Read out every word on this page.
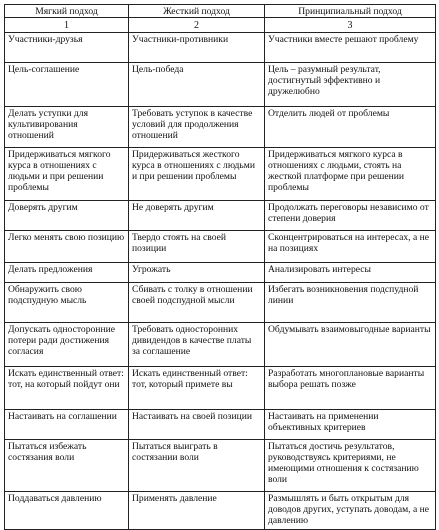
Мягкий подход	Жесткий подход	Принципиальный подход
1	2	3
Участники-друзья	Участники-противники	Участники вместе решают проблему
Цель-соглашение	Цель-победа	Цель – разумный результат, достигнутый эффективно и дружелюбно
Делать уступки для культивирования отношений	Требовать уступок в качестве условий для продолжения отношений	Отделить людей от проблемы
Придерживаться мягкого курса в отношениях с людьми и при решении проблемы	Придерживаться жесткого курса в отношениях с людьми и при решении проблемы	Придерживаться мягкого курса в отношениях с людьми, стоять на жесткой платформе при решении проблемы
Доверять другим	Не доверять другим	Продолжать переговоры независимо от степени доверия
Легко менять свою позицию	Твердо стоять на своей позиции	Сконцентрироваться на интересах, а не на позициях
Делать предложения	Угрожать	Анализировать интересы
Обнаружить свою подспудную мысль	Сбивать с толку в отношении своей подспудной мысли	Избегать возникновения подспудной линии
Допускать односторонние потери ради достижения согласия	Требовать односторонних дивидендов в качестве платы за соглашение	Обдумывать взаимовыгодные варианты
Искать единственный ответ: тот, на который пойдут они	Искать единственный ответ: тот, который примете вы	Разработать многоплановые варианты выбора решать позже
Настаивать на соглашении	Настаивать на своей позиции	Настаивать на применении объективных критериев
Пытаться избежать состязания воли	Пытаться выиграть в состязании воли	Пытаться достичь результатов, руководствуясь критериями, не имеющими отношения к состязанию воли
Поддаваться давлению	Применять давление	Размышлять и быть открытым для доводов других, уступать доводам, а не давлению
